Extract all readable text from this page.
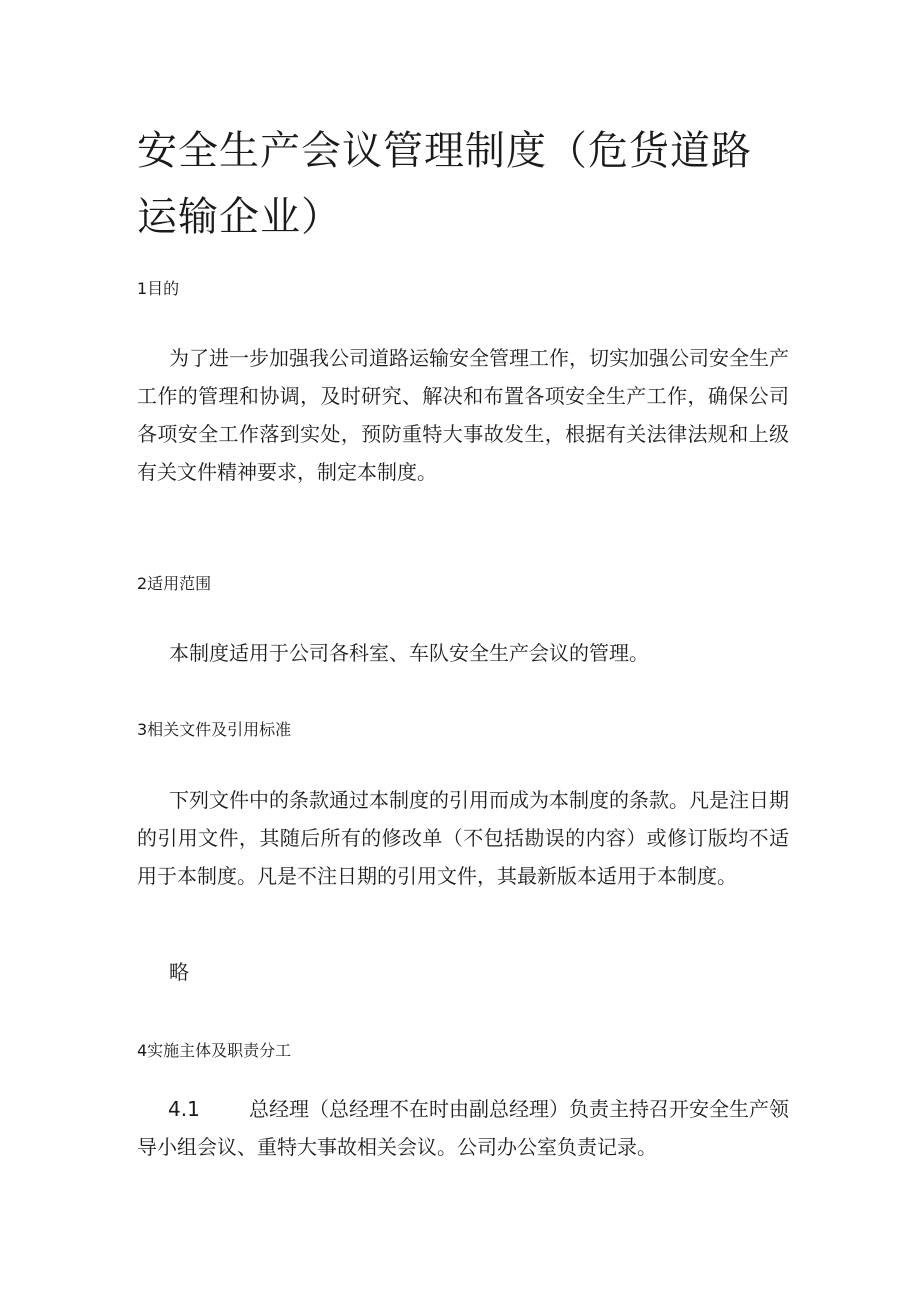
安全生产会议管理制度（危货道路运输企业）
1目的

为了进一步加强我公司道路运输安全管理工作，切实加强公司安全生产工作的管理和协调，及时研究、解决和布置各项安全生产工作，确保公司各项安全工作落到实处，预防重特大事故发生，根据有关法律法规和上级有关文件精神要求，制定本制度。

2适用范围

本制度适用于公司各科室、车队安全生产会议的管理。

3相关文件及引用标准

下列文件中的条款通过本制度的引用而成为本制度的条款。凡是注日期的引用文件，其随后所有的修改单（不包括勘误的内容）或修订版均不适用于本制度。凡是不注日期的引用文件，其最新版本适用于本制度。

略

4实施主体及职责分工
4.1	总经理（总经理不在时由副总经理）负责主持召开安全生产领导小组会议、重特大事故相关会议。公司办公室负责记录。
